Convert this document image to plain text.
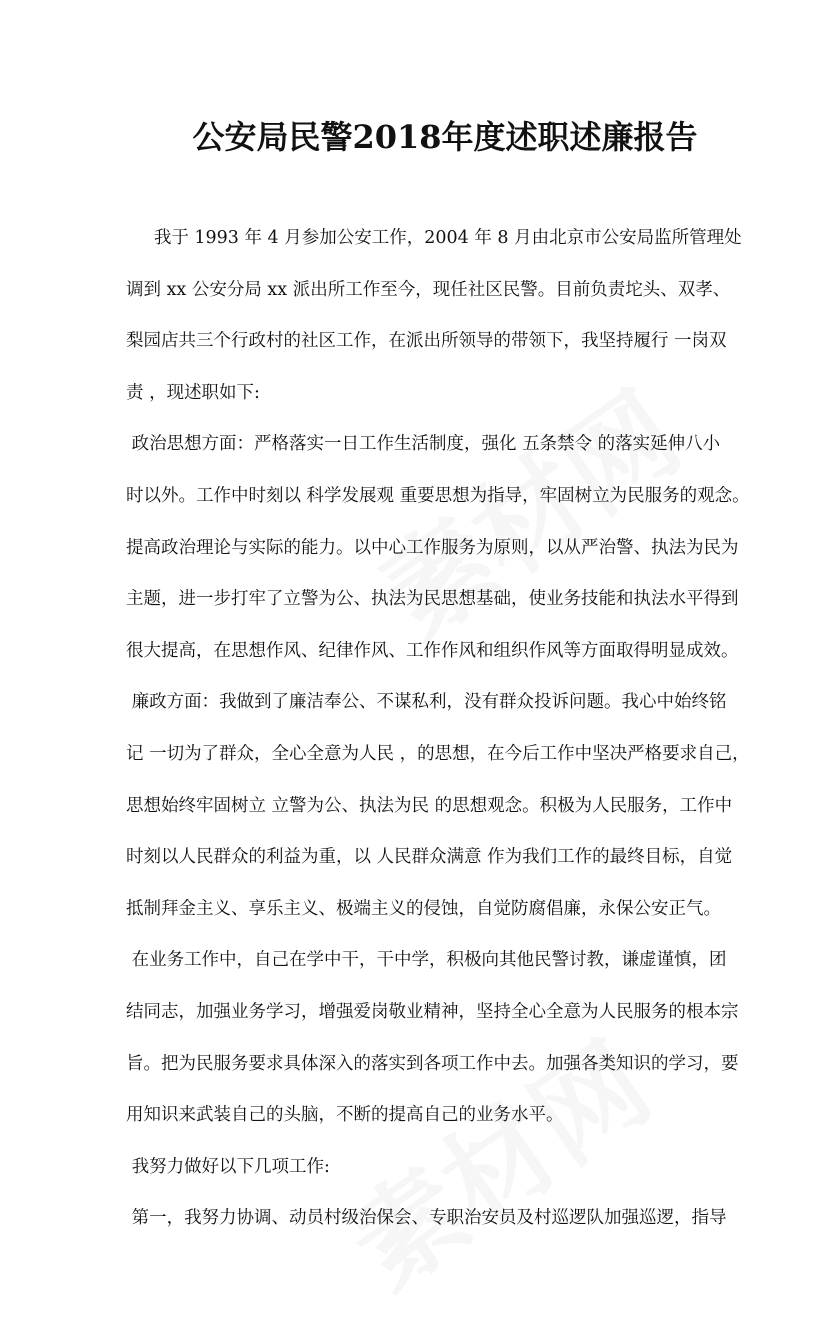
公安局民警2018年度述职述廉报告

我于 1993 年 4 月参加公安工作，2004 年 8 月由北京市公安局监所管理处

调到 xx 公安分局 xx 派出所工作至今，现任社区民警。目前负责坨头、双孝、

梨园店共三个行政村的社区工作，在派出所领导的带领下，我坚持履行 一岗双

责 ，现述职如下:

政治思想方面：严格落实一日工作生活制度，强化 五条禁令 的落实延伸八小

时以外。工作中时刻以 科学发展观 重要思想为指导，牢固树立为民服务的观念。

提高政治理论与实际的能力。以中心工作服务为原则，以从严治警、执法为民为

主题，进一步打牢了立警为公、执法为民思想基础，使业务技能和执法水平得到

很大提高，在思想作风、纪律作风、工作作风和组织作风等方面取得明显成效。

廉政方面：我做到了廉洁奉公、不谋私利，没有群众投诉问题。我心中始终铭

记 一切为了群众，全心全意为人民 ，的思想，在今后工作中坚决严格要求自己，

思想始终牢固树立 立警为公、执法为民 的思想观念。积极为人民服务，工作中

时刻以人民群众的利益为重，以 人民群众满意 作为我们工作的最终目标，自觉

抵制拜金主义、享乐主义、极端主义的侵蚀，自觉防腐倡廉，永保公安正气。

在业务工作中，自己在学中干，干中学，积极向其他民警讨教，谦虚谨慎，团

结同志，加强业务学习，增强爱岗敬业精神，坚持全心全意为人民服务的根本宗

旨。把为民服务要求具体深入的落实到各项工作中去。加强各类知识的学习，要

用知识来武装自己的头脑，不断的提高自己的业务水平。

我努力做好以下几项工作:

第一，我努力协调、动员村级治保会、专职治安员及村巡逻队加强巡逻，指导
